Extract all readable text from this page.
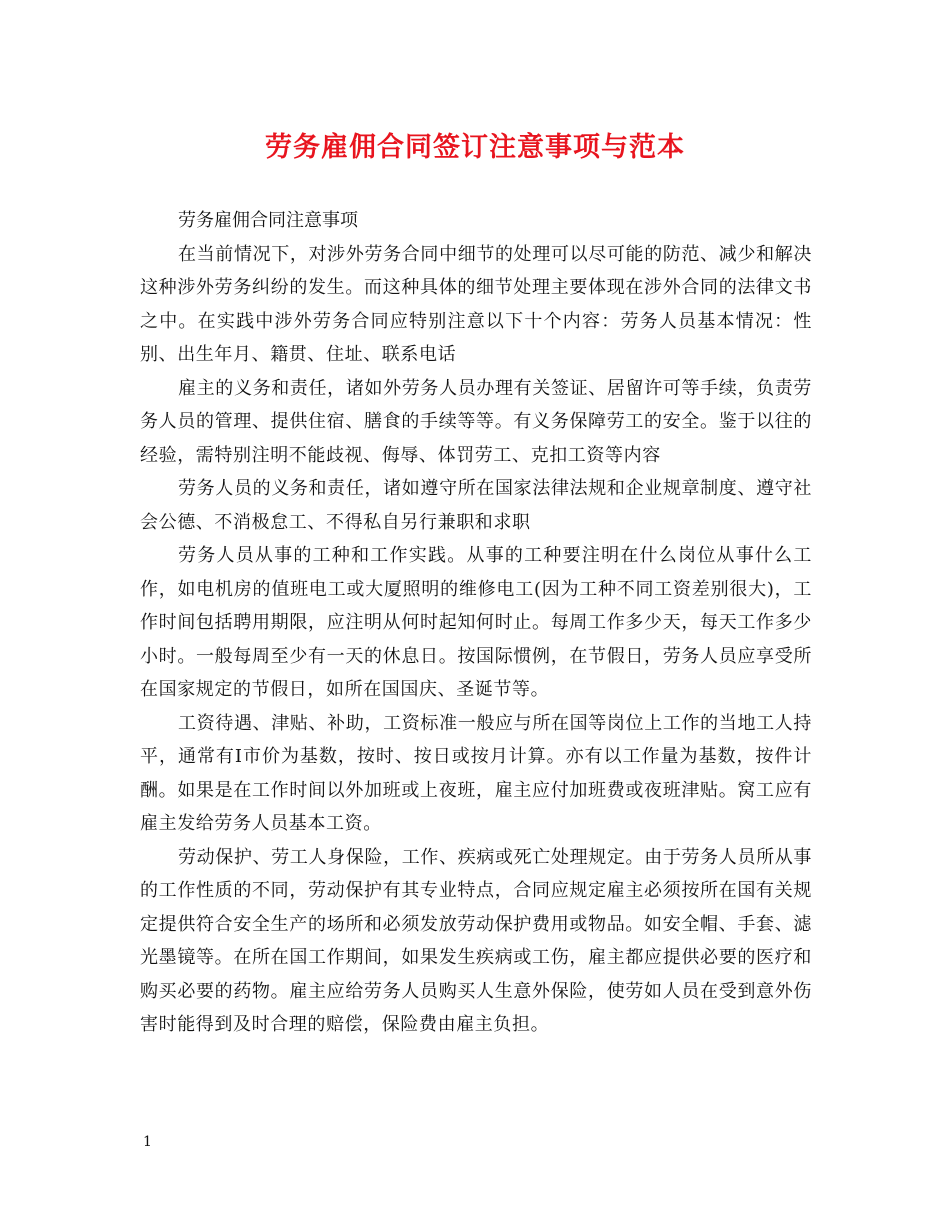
劳务雇佣合同签订注意事项与范本

劳务雇佣合同注意事项

在当前情况下，对涉外劳务合同中细节的处理可以尽可能的防范、减少和解决这种涉外劳务纠纷的发生。而这种具体的细节处理主要体现在涉外合同的法律文书之中。在实践中涉外劳务合同应特别注意以下十个内容：劳务人员基本情况：性别、出生年月、籍贯、住址、联系电话

雇主的义务和责任，诸如外劳务人员办理有关签证、居留许可等手续，负责劳务人员的管理、提供住宿、膳食的手续等等。有义务保障劳工的安全。鉴于以往的经验，需特别注明不能歧视、侮辱、体罚劳工、克扣工资等内容

劳务人员的义务和责任，诸如遵守所在国家法律法规和企业规章制度、遵守社会公德、不消极怠工、不得私自另行兼职和求职

劳务人员从事的工种和工作实践。从事的工种要注明在什么岗位从事什么工作，如电机房的值班电工或大厦照明的维修电工(因为工种不同工资差别很大)，工作时间包括聘用期限，应注明从何时起知何时止。每周工作多少天，每天工作多少小时。一般每周至少有一天的休息日。按国际惯例，在节假日，劳务人员应享受所在国家规定的节假日，如所在国国庆、圣诞节等。

工资待遇、津贴、补助，工资标准一般应与所在国等岗位上工作的当地工人持平，通常有Ⅰ市价为基数，按时、按日或按月计算。亦有以工作量为基数，按件计酬。如果是在工作时间以外加班或上夜班，雇主应付加班费或夜班津贴。窝工应有雇主发给劳务人员基本工资。

劳动保护、劳工人身保险，工作、疾病或死亡处理规定。由于劳务人员所从事的工作性质的不同，劳动保护有其专业特点，合同应规定雇主必须按所在国有关规定提供符合安全生产的场所和必须发放劳动保护费用或物品。如安全帽、手套、滤光墨镜等。在所在国工作期间，如果发生疾病或工伤，雇主都应提供必要的医疗和购买必要的药物。雇主应给劳务人员购买人生意外保险，使劳如人员在受到意外伤害时能得到及时合理的赔偿，保险费由雇主负担。

1
